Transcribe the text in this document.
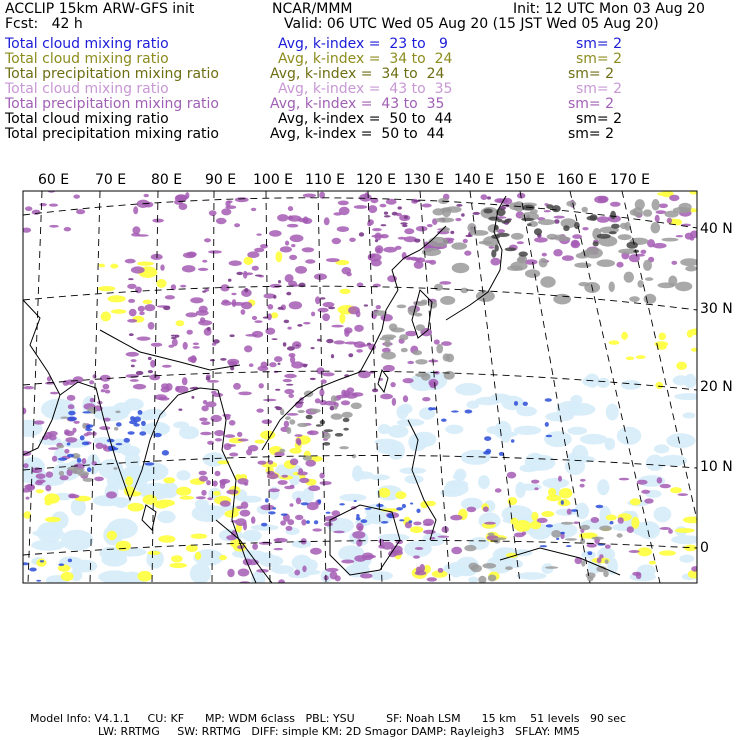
ACCLIP 15km ARW-GFS init	NCAR/MMM	Init: 12 UTC Mon 03 Aug 20
Fcst:   42 h	Valid: 06 UTC Wed 05 Aug 20 (15 JST Wed 05 Aug 20)
Total cloud mixing ratio	Avg, k-index =  23 to   9	sm= 2
Total cloud mixing ratio	Avg, k-index =  34 to  24	sm= 2
Total precipitation mixing ratio	Avg, k-index =  34 to  24	sm= 2
Total cloud mixing ratio	Avg, k-index =  43 to  35	sm= 2
Total precipitation mixing ratio	Avg, k-index =  43 to  35	sm= 2
Total cloud mixing ratio	Avg, k-index =  50 to  44	sm= 2
Total precipitation mixing ratio	Avg, k-index =  50 to  44	sm= 2
60 E 70 E 80 E 90 E 100 E 110 E 120 E 130 E 140 E 150 E 160 E 170 E
40 N
30 N
20 N
10 N
0
Model Info: V4.1.1     CU: KF      MP: WDM 6class   PBL: YSU         SF: Noah LSM      15 km    51 levels   90 sec
LW: RRTMG     SW: RRTMG   DIFF: simple KM: 2D Smagor DAMP: Rayleigh3   SFLAY: MM5
